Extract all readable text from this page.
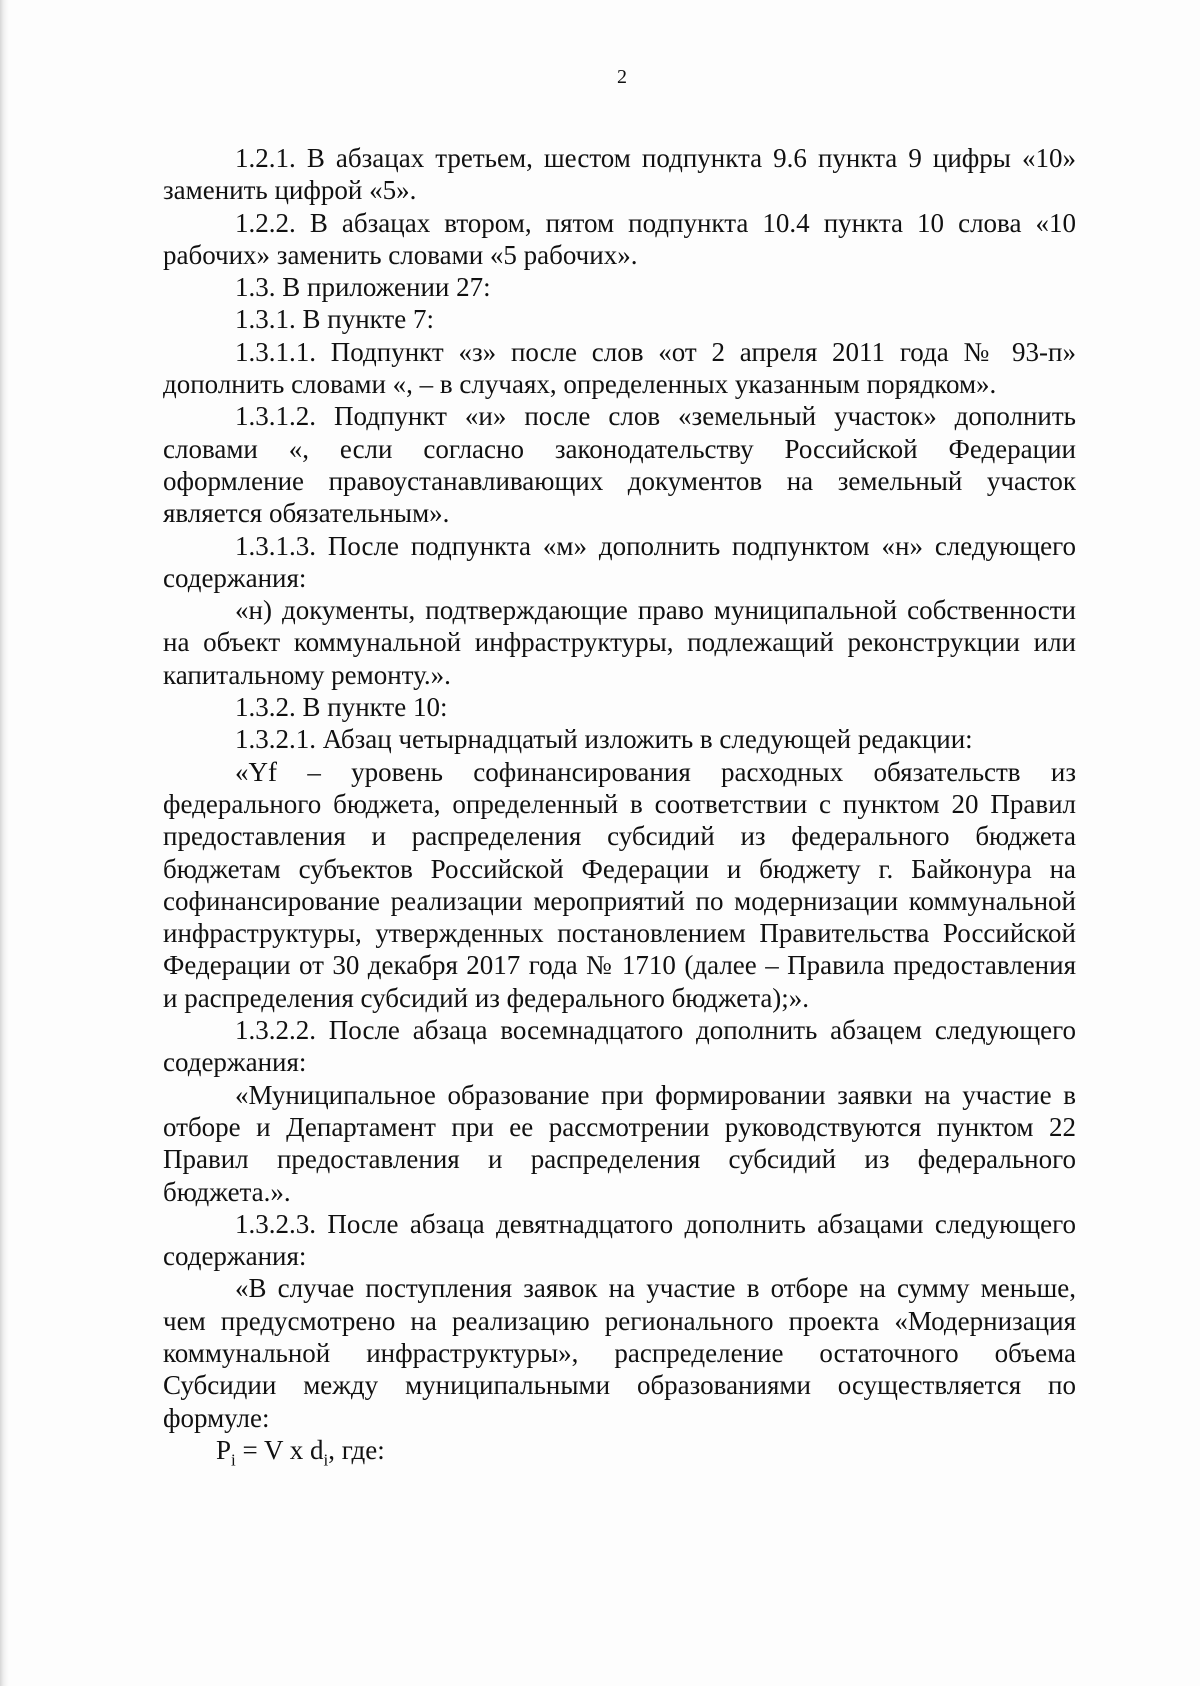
2

1.2.1. В абзацах третьем, шестом подпункта 9.6 пункта 9 цифры «10» заменить цифрой «5».

1.2.2. В абзацах втором, пятом подпункта 10.4 пункта 10 слова «10 рабочих» заменить словами «5 рабочих».

1.3. В приложении 27:

1.3.1. В пункте 7:

1.3.1.1. Подпункт «з» после слов «от 2 апреля 2011 года № 93-п» дополнить словами «, – в случаях, определенных указанным порядком».

1.3.1.2. Подпункт «и» после слов «земельный участок» дополнить словами «, если согласно законодательству Российской Федерации оформление правоустанавливающих документов на земельный участок является обязательным».

1.3.1.3. После подпункта «м» дополнить подпунктом «н» следующего содержания:

«н) документы, подтверждающие право муниципальной собственности на объект коммунальной инфраструктуры, подлежащий реконструкции или капитальному ремонту.».

1.3.2. В пункте 10:

1.3.2.1. Абзац четырнадцатый изложить в следующей редакции:

«Yf – уровень софинансирования расходных обязательств из федерального бюджета, определенный в соответствии с пунктом 20 Правил предоставления и распределения субсидий из федерального бюджета бюджетам субъектов Российской Федерации и бюджету г. Байконура на софинансирование реализации мероприятий по модернизации коммунальной инфраструктуры, утвержденных постановлением Правительства Российской Федерации от 30 декабря 2017 года № 1710 (далее – Правила предоставления и распределения субсидий из федерального бюджета);».

1.3.2.2. После абзаца восемнадцатого дополнить абзацем следующего содержания:

«Муниципальное образование при формировании заявки на участие в отборе и Департамент при ее рассмотрении руководствуются пунктом 22 Правил предоставления и распределения субсидий из федерального бюджета.».

1.3.2.3. После абзаца девятнадцатого дополнить абзацами следующего содержания:

«В случае поступления заявок на участие в отборе на сумму меньше, чем предусмотрено на реализацию регионального проекта «Модернизация коммунальной инфраструктуры», распределение остаточного объема Субсидии между муниципальными образованиями осуществляется по формуле:

$P_i = V$ x $d_i$, где:
